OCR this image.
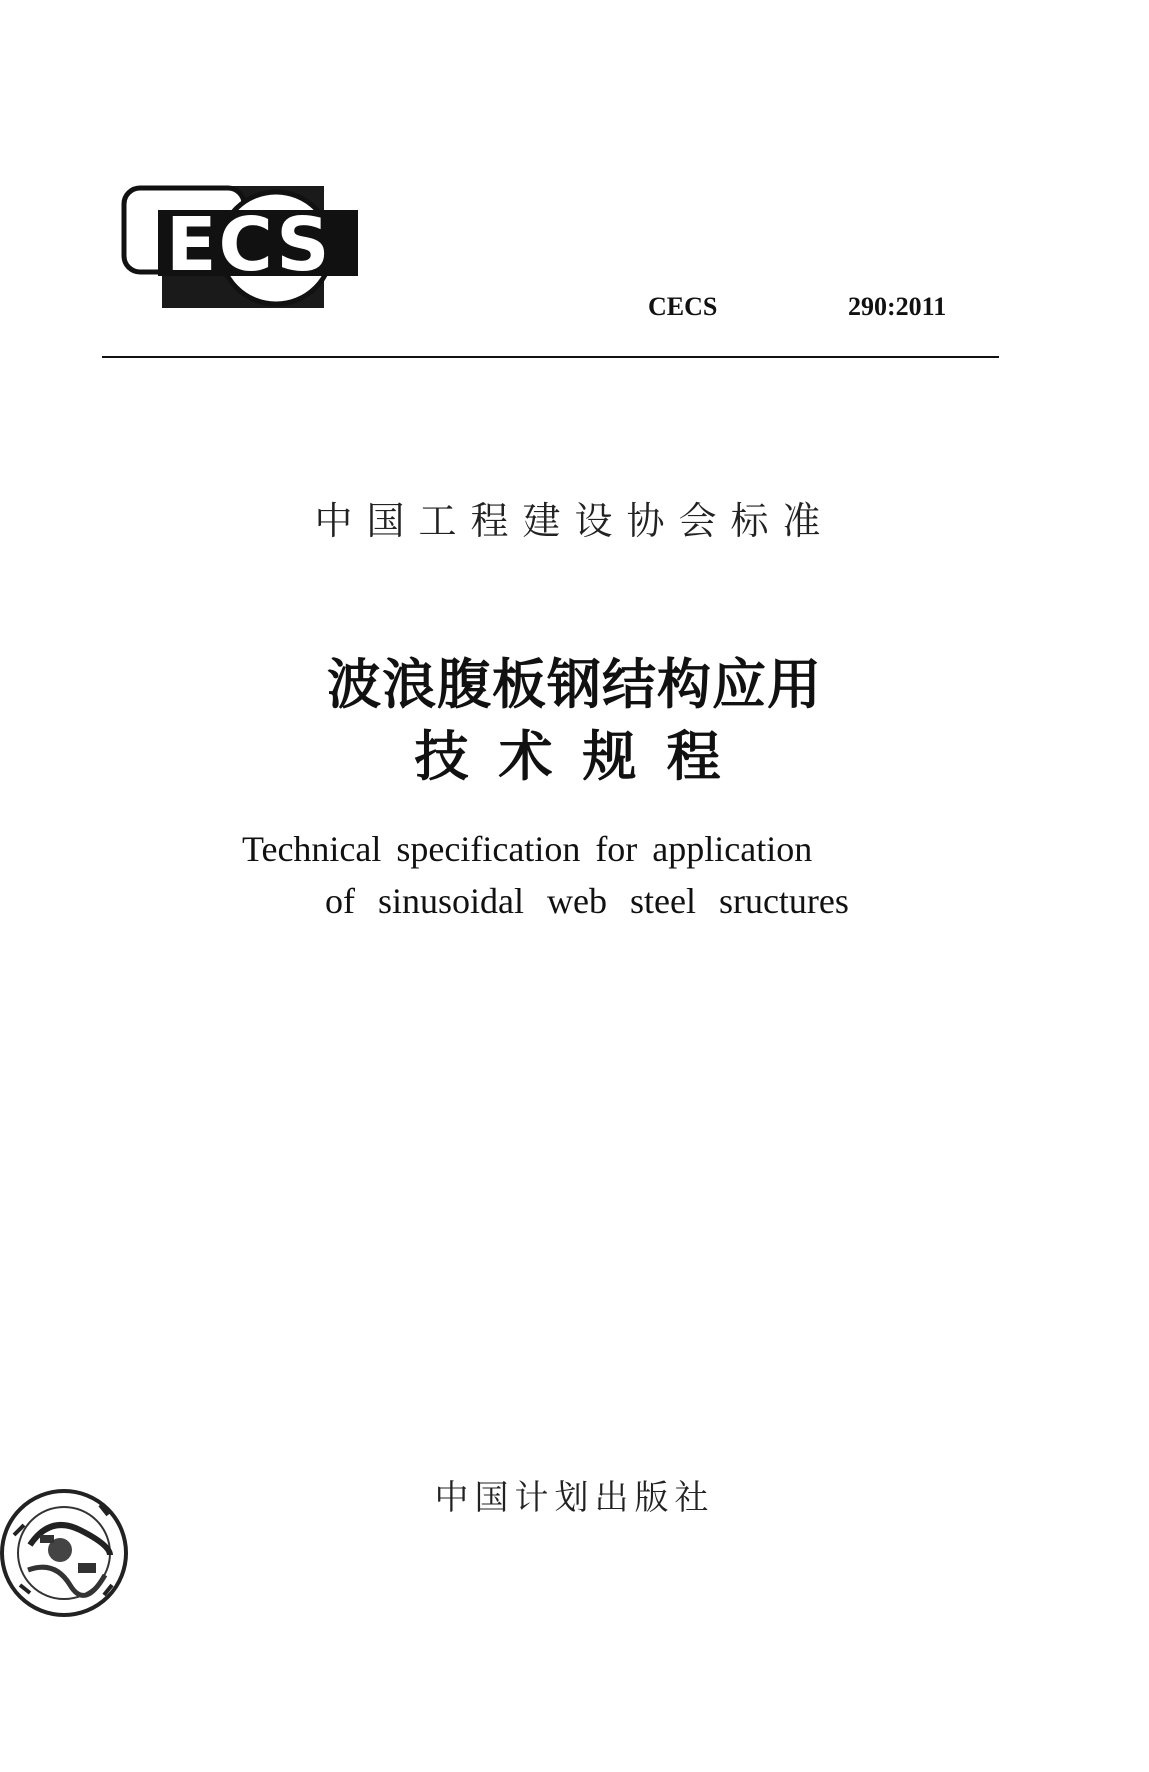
ECS
CECS	290:2011
中国工程建设协会标准
波浪腹板钢结构应用
技术规程
Technical specification for application
of sinusoidal web steel sructures
中国计划出版社
